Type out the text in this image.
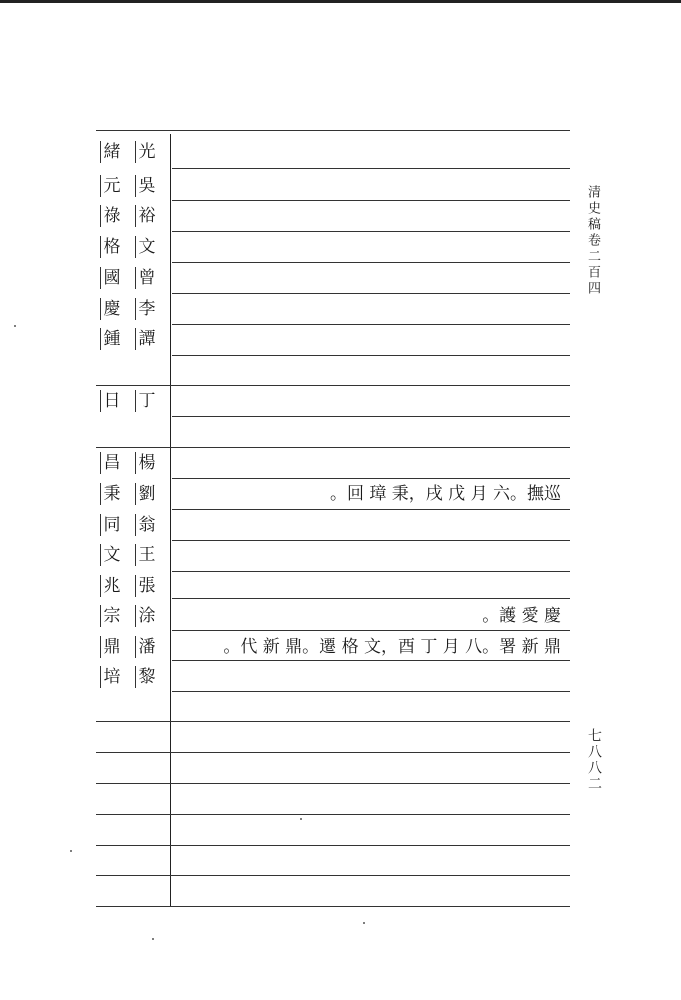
清史稿卷二百四
七八八二
緒 光
元 吳
祿 裕
格 文
國 曾
慶 李
鍾 譚
日 丁
昌 楊
秉 劉
同 翁
文 王
兆 張
宗 涂
鼎 潘
培 黎
巡撫。六 月 戊 戌，秉 璋 回。
慶 愛 護。
鼎 新 署。八 月 丁 酉，文 格 遷。鼎 新 代。
